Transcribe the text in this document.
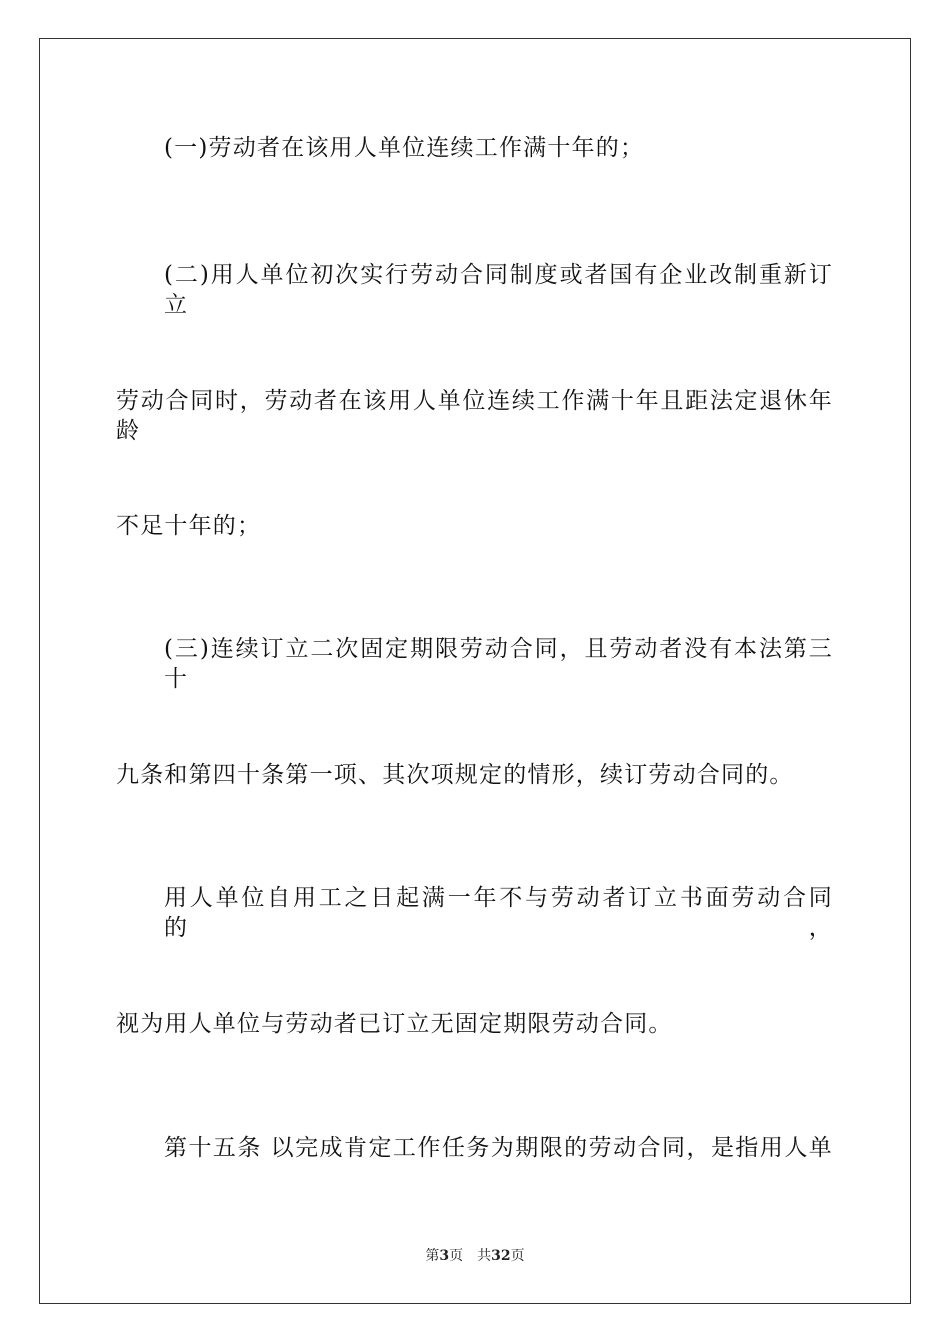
(一)劳动者在该用人单位连续工作满十年的；
(二)用人单位初次实行劳动合同制度或者国有企业改制重新订立
劳动合同时，劳动者在该用人单位连续工作满十年且距法定退休年龄
不足十年的；
(三)连续订立二次固定期限劳动合同，且劳动者没有本法第三十
九条和第四十条第一项、其次项规定的情形，续订劳动合同的。
用人单位自用工之日起满一年不与劳动者订立书面劳动合同的，
视为用人单位与劳动者已订立无固定期限劳动合同。
第十五条 以完成肯定工作任务为期限的劳动合同，是指用人单
第3页 共32页
